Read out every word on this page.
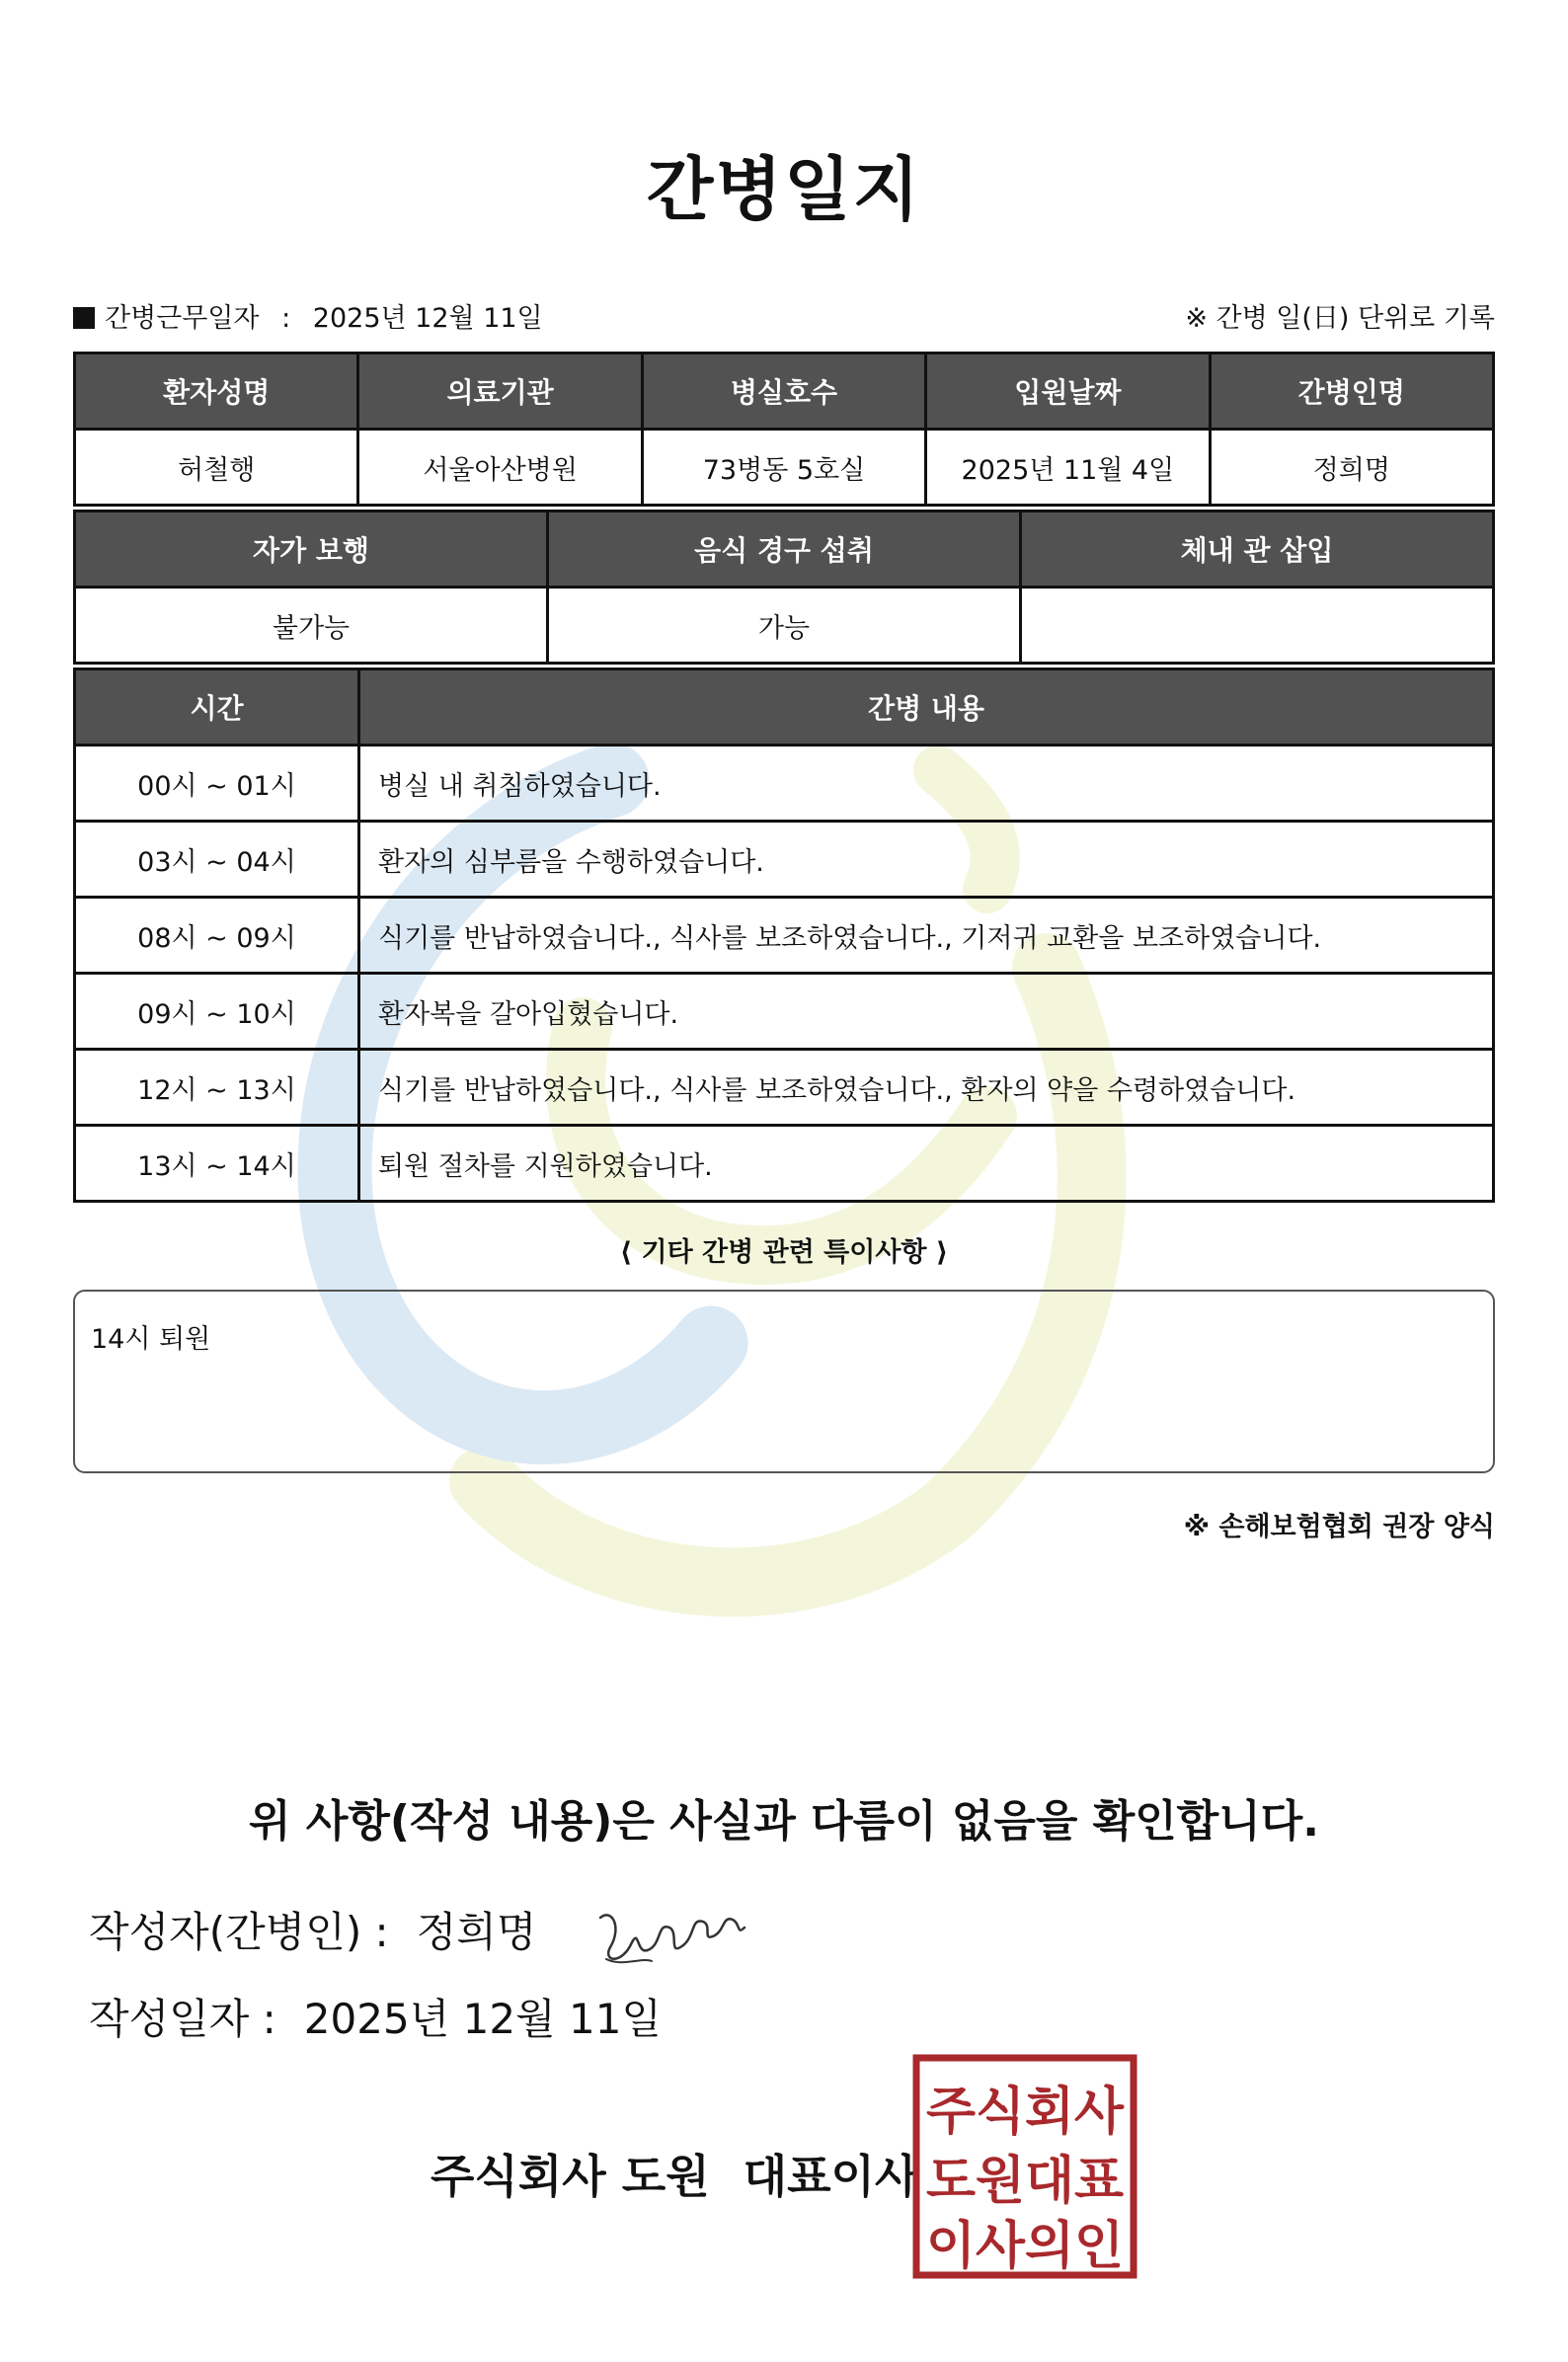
간병일지
간병근무일자 : 2025년 12월 11일	※ 간병 일(日) 단위로 기록
환자성명	의료기관	병실호수	입원날짜	간병인명
허철행	서울아산병원	73병동 5호실	2025년 11월 4일	정희명
자가 보행	음식 경구 섭취	체내 관 삽입
불가능	가능	
시간	간병 내용
00시 ~ 01시	병실 내 취침하였습니다.
03시 ~ 04시	환자의 심부름을 수행하였습니다.
08시 ~ 09시	식기를 반납하였습니다., 식사를 보조하였습니다., 기저귀 교환을 보조하였습니다.
09시 ~ 10시	환자복을 갈아입혔습니다.
12시 ~ 13시	식기를 반납하였습니다., 식사를 보조하였습니다., 환자의 약을 수령하였습니다.
13시 ~ 14시	퇴원 절차를 지원하였습니다.
⟨ 기타 간병 관련 특이사항 ⟩
14시 퇴원
※ 손해보험협회 권장 양식
위 사항(작성 내용)은 사실과 다름이 없음을 확인합니다.
작성자(간병인) : 정희명
작성일자 : 2025년 12월 11일
주식회사 도원 대표이사
주식회사
도원대표
이사의인
